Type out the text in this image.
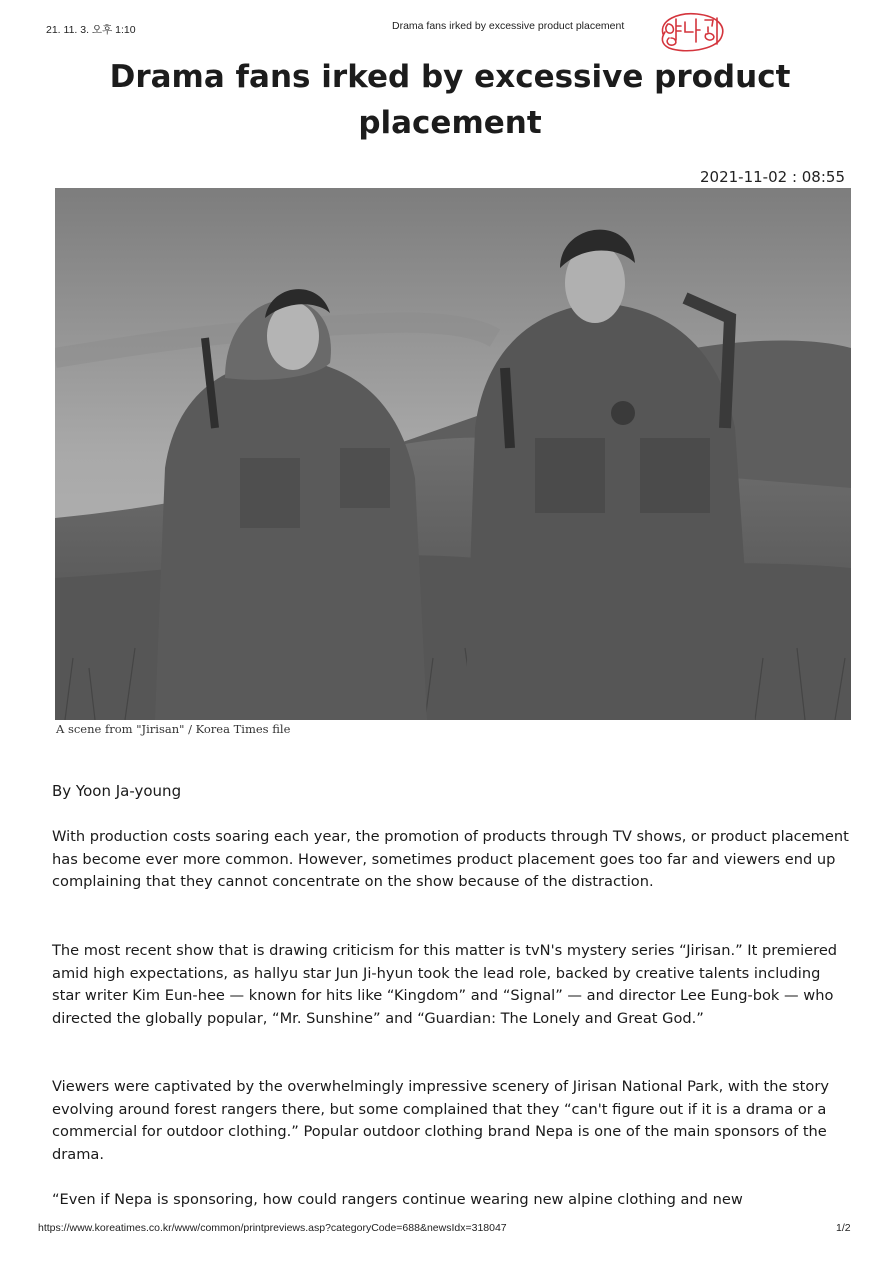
21. 11. 3. 오후 1:10	Drama fans irked by excessive product placement
Drama fans irked by excessive product placement
2021-11-02 : 08:55
A scene from "Jirisan" / Korea Times file
By Yoon Ja-young

With production costs soaring each year, the promotion of products through TV shows, or product placement has become ever more common. However, sometimes product placement goes too far and viewers end up complaining that they cannot concentrate on the show because of the distraction.

The most recent show that is drawing criticism for this matter is tvN's mystery series “Jirisan.” It premiered amid high expectations, as hallyu star Jun Ji-hyun took the lead role, backed by creative talents including star writer Kim Eun-hee — known for hits like “Kingdom” and “Signal” — and director Lee Eung-bok — who directed the globally popular, “Mr. Sunshine” and “Guardian: The Lonely and Great God.”

Viewers were captivated by the overwhelmingly impressive scenery of Jirisan National Park, with the story evolving around forest rangers there, but some complained that they “can't figure out if it is a drama or a commercial for outdoor clothing.” Popular outdoor clothing brand Nepa is one of the main sponsors of the drama.

“Even if Nepa is sponsoring, how could rangers continue wearing new alpine clothing and new

https://www.koreatimes.co.kr/www/common/printpreviews.asp?categoryCode=688&newsIdx=318047	1/2
